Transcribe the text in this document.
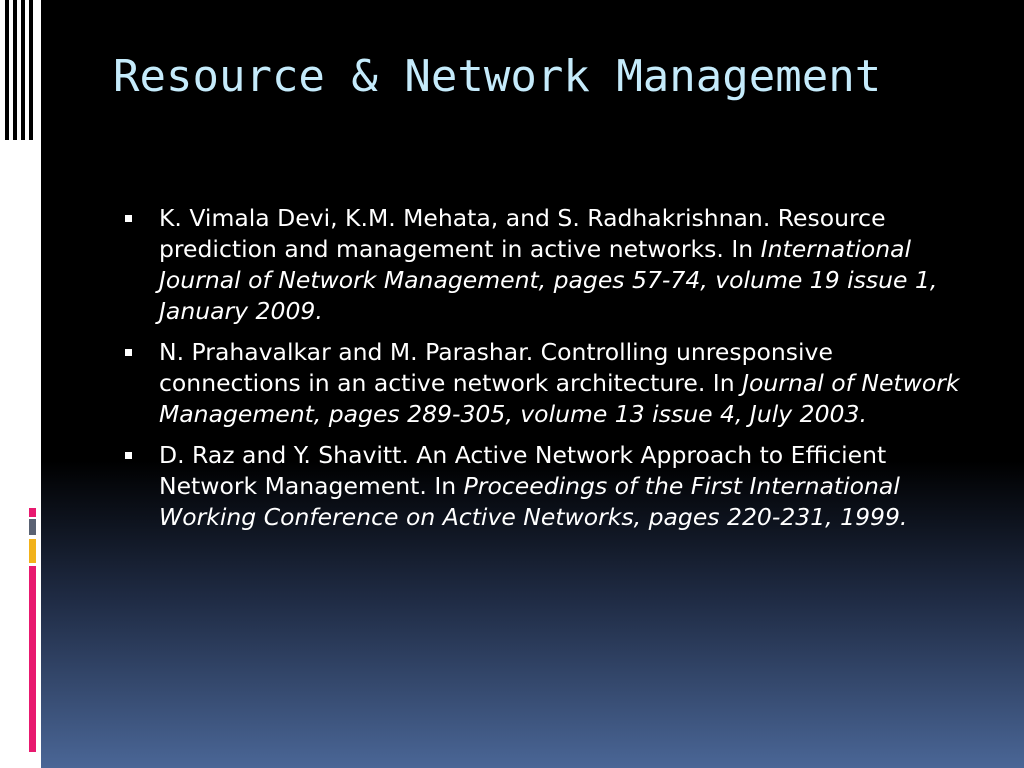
Resource & Network Management
K. Vimala Devi, K.M. Mehata, and S. Radhakrishnan. Resource prediction and management in active networks. In International Journal of Network Management, pages 57-74, volume 19 issue 1, January 2009.
N. Prahavalkar and M. Parashar. Controlling unresponsive connections in an active network architecture. In Journal of Network Management, pages 289-305, volume 13 issue 4, July 2003.
D. Raz and Y. Shavitt. An Active Network Approach to Efficient Network Management. In Proceedings of the First International Working Conference on Active Networks, pages 220-231, 1999.
